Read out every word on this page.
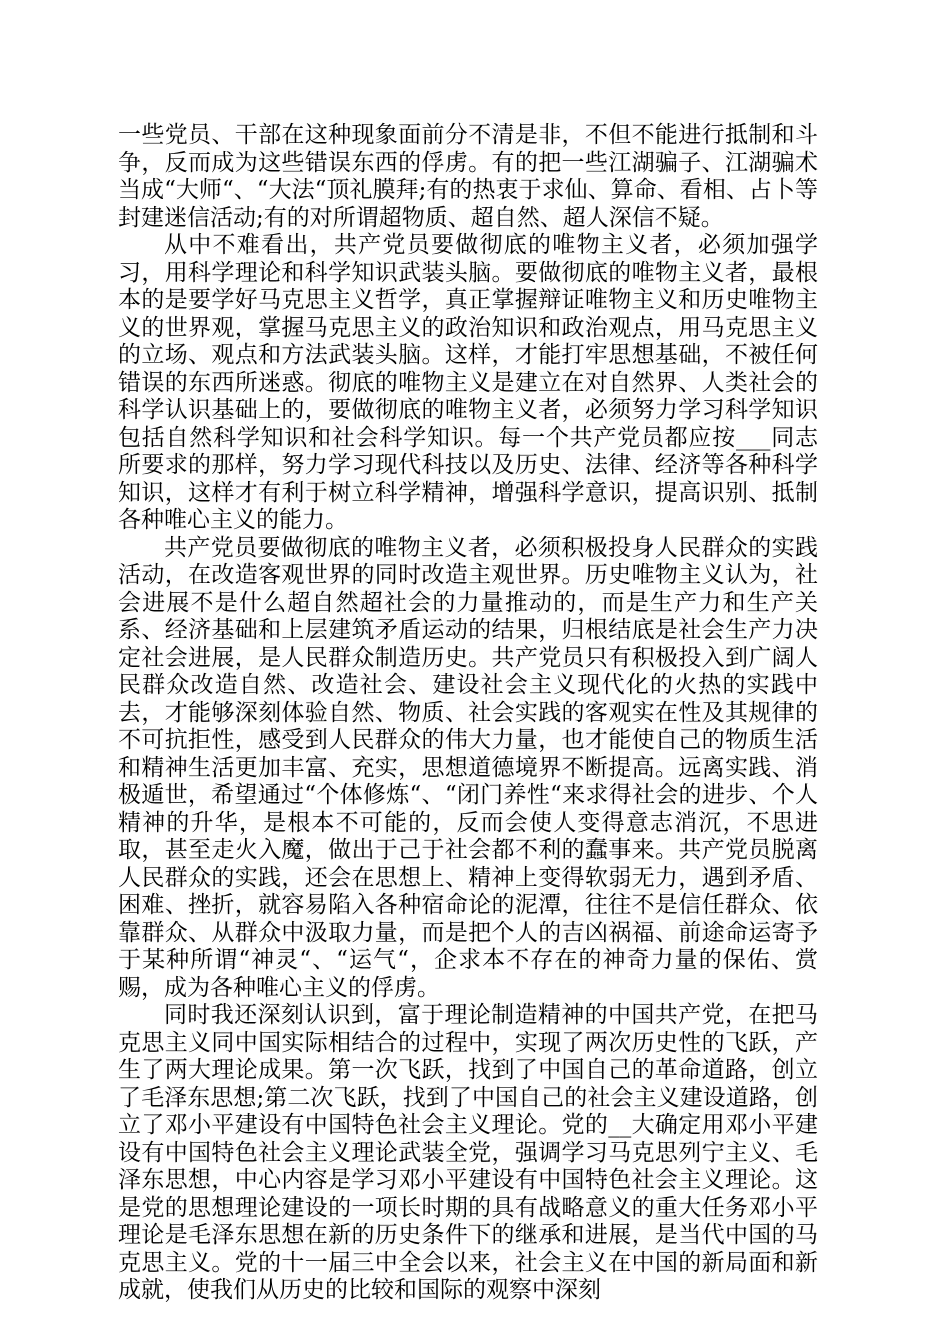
一些党员、干部在这种现象面前分不清是非，不但不能进行抵制和斗争，反而成为这些错误东西的俘虏。有的把一些江湖骗子、江湖骗术当成“大师“、“大法“顶礼膜拜;有的热衷于求仙、算命、看相、占卜等封建迷信活动;有的对所谓超物质、超自然、超人深信不疑。

从中不难看出，共产党员要做彻底的唯物主义者，必须加强学习，用科学理论和科学知识武装头脑。要做彻底的唯物主义者，最根本的是要学好马克思主义哲学，真正掌握辩证唯物主义和历史唯物主义的世界观，掌握马克思主义的政治知识和政治观点，用马克思主义的立场、观点和方法武装头脑。这样，才能打牢思想基础，不被任何错误的东西所迷惑。彻底的唯物主义是建立在对自然界、人类社会的科学认识基础上的，要做彻底的唯物主义者，必须努力学习科学知识包括自然科学知识和社会科学知识。每一个共产党员都应按___同志所要求的那样，努力学习现代科技以及历史、法律、经济等各种科学知识，这样才有利于树立科学精神，增强科学意识，提高识别、抵制各种唯心主义的能力。

共产党员要做彻底的唯物主义者，必须积极投身人民群众的实践活动，在改造客观世界的同时改造主观世界。历史唯物主义认为，社会进展不是什么超自然超社会的力量推动的，而是生产力和生产关系、经济基础和上层建筑矛盾运动的结果，归根结底是社会生产力决定社会进展，是人民群众制造历史。共产党员只有积极投入到广阔人民群众改造自然、改造社会、建设社会主义现代化的火热的实践中去，才能够深刻体验自然、物质、社会实践的客观实在性及其规律的不可抗拒性，感受到人民群众的伟大力量，也才能使自己的物质生活和精神生活更加丰富、充实，思想道德境界不断提高。远离实践、消极遁世，希望通过“个体修炼“、“闭门养性“来求得社会的进步、个人精神的升华，是根本不可能的，反而会使人变得意志消沉，不思进取，甚至走火入魔，做出于己于社会都不利的蠢事来。共产党员脱离人民群众的实践，还会在思想上、精神上变得软弱无力，遇到矛盾、困难、挫折，就容易陷入各种宿命论的泥潭，往往不是信任群众、依靠群众、从群众中汲取力量，而是把个人的吉凶祸福、前途命运寄予于某种所谓“神灵“、“运气“，企求本不存在的神奇力量的保佑、赏赐，成为各种唯心主义的俘虏。

同时我还深刻认识到，富于理论制造精神的中国共产党，在把马克思主义同中国实际相结合的过程中，实现了两次历史性的飞跃，产生了两大理论成果。第一次飞跃，找到了中国自己的革命道路，创立了毛泽东思想;第二次飞跃，找到了中国自己的社会主义建设道路，创立了邓小平建设有中国特色社会主义理论。党的__大确定用邓小平建设有中国特色社会主义理论武装全党，强调学习马克思列宁主义、毛泽东思想，中心内容是学习邓小平建设有中国特色社会主义理论。这是党的思想理论建设的一项长时期的具有战略意义的重大任务邓小平理论是毛泽东思想在新的历史条件下的继承和进展，是当代中国的马克思主义。党的十一届三中全会以来，社会主义在中国的新局面和新成就，使我们从历史的比较和国际的观察中深刻
